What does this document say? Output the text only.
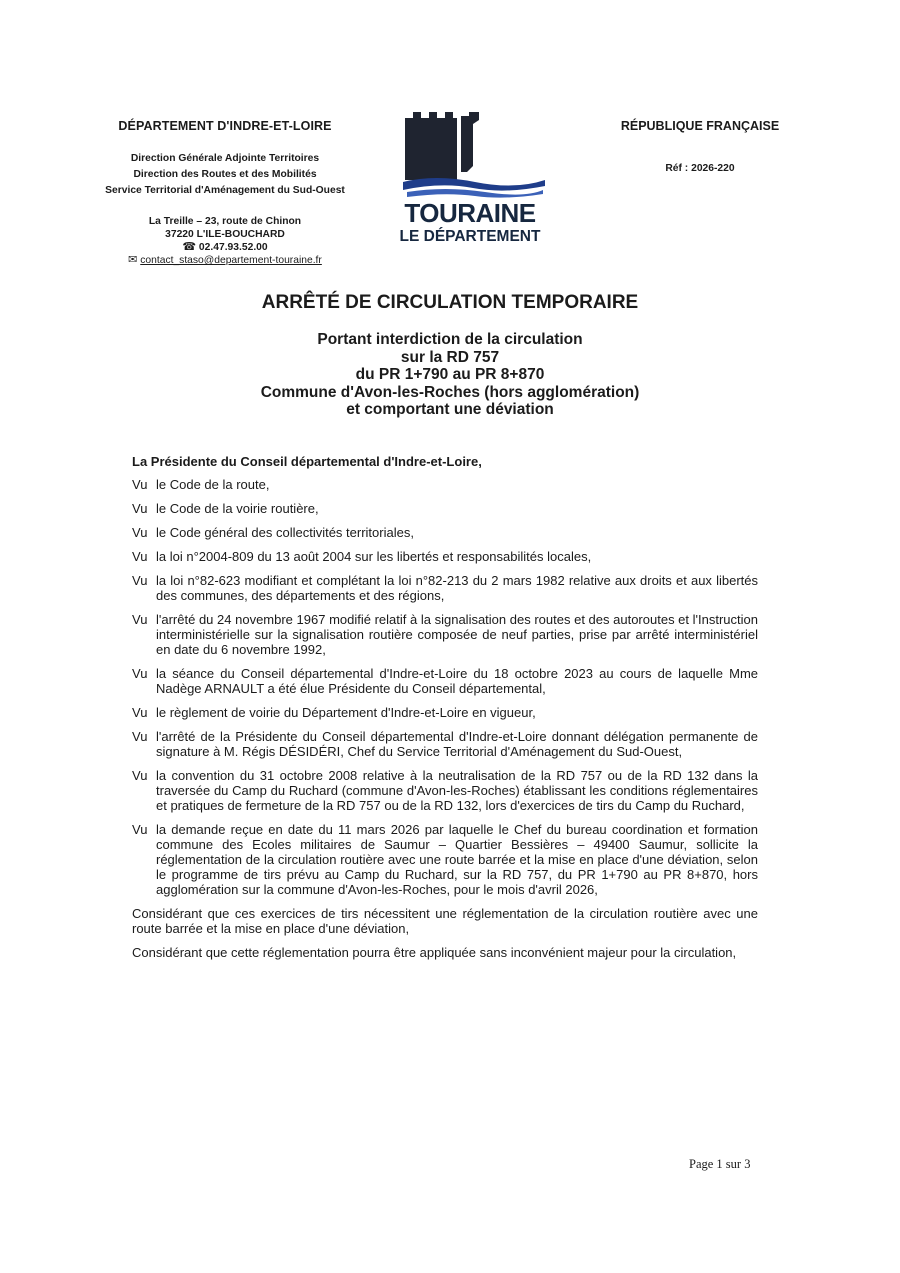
DÉPARTEMENT D'INDRE-ET-LOIRE
Direction Générale Adjointe Territoires
Direction des Routes et des Mobilités
Service Territorial d'Aménagement du Sud-Ouest
La Treille – 23, route de Chinon
37220 L'ILE-BOUCHARD
☎ 02.47.93.52.00
✉ contact_staso@departement-touraine.fr
TOURAINE
LE DÉPARTEMENT
RÉPUBLIQUE FRANÇAISE
Réf : 2026-220
ARRÊTÉ DE CIRCULATION TEMPORAIRE
Portant interdiction de la circulation
sur la RD 757
du PR 1+790 au PR 8+870
Commune d'Avon-les-Roches (hors agglomération)
et comportant une déviation
La Présidente du Conseil départemental d'Indre-et-Loire,
Vu le Code de la route,
Vu le Code de la voirie routière,
Vu le Code général des collectivités territoriales,
Vu la loi n°2004-809 du 13 août 2004 sur les libertés et responsabilités locales,
Vu la loi n°82-623 modifiant et complétant la loi n°82-213 du 2 mars 1982 relative aux droits et aux libertés des communes, des départements et des régions,
Vu l'arrêté du 24 novembre 1967 modifié relatif à la signalisation des routes et des autoroutes et l'Instruction interministérielle sur la signalisation routière composée de neuf parties, prise par arrêté interministériel en date du 6 novembre 1992,
Vu la séance du Conseil départemental d'Indre-et-Loire du 18 octobre 2023 au cours de laquelle Mme Nadège ARNAULT a été élue Présidente du Conseil départemental,
Vu le règlement de voirie du Département d'Indre-et-Loire en vigueur,
Vu l'arrêté de la Présidente du Conseil départemental d'Indre-et-Loire donnant délégation permanente de signature à M. Régis DÉSIDÉRI, Chef du Service Territorial d'Aménagement du Sud-Ouest,
Vu la convention du 31 octobre 2008 relative à la neutralisation de la RD 757 ou de la RD 132 dans la traversée du Camp du Ruchard (commune d'Avon-les-Roches) établissant les conditions réglementaires et pratiques de fermeture de la RD 757 ou de la RD 132, lors d'exercices de tirs du Camp du Ruchard,
Vu la demande reçue en date du 11 mars 2026 par laquelle le Chef du bureau coordination et formation commune des Ecoles militaires de Saumur – Quartier Bessières – 49400 Saumur, sollicite la réglementation de la circulation routière avec une route barrée et la mise en place d'une déviation, selon le programme de tirs prévu au Camp du Ruchard, sur la RD 757, du PR 1+790 au PR 8+870, hors agglomération sur la commune d'Avon-les-Roches, pour le mois d'avril 2026,
Considérant que ces exercices de tirs nécessitent une réglementation de la circulation routière avec une route barrée et la mise en place d'une déviation,
Considérant que cette réglementation pourra être appliquée sans inconvénient majeur pour la circulation,
Page 1 sur 3
